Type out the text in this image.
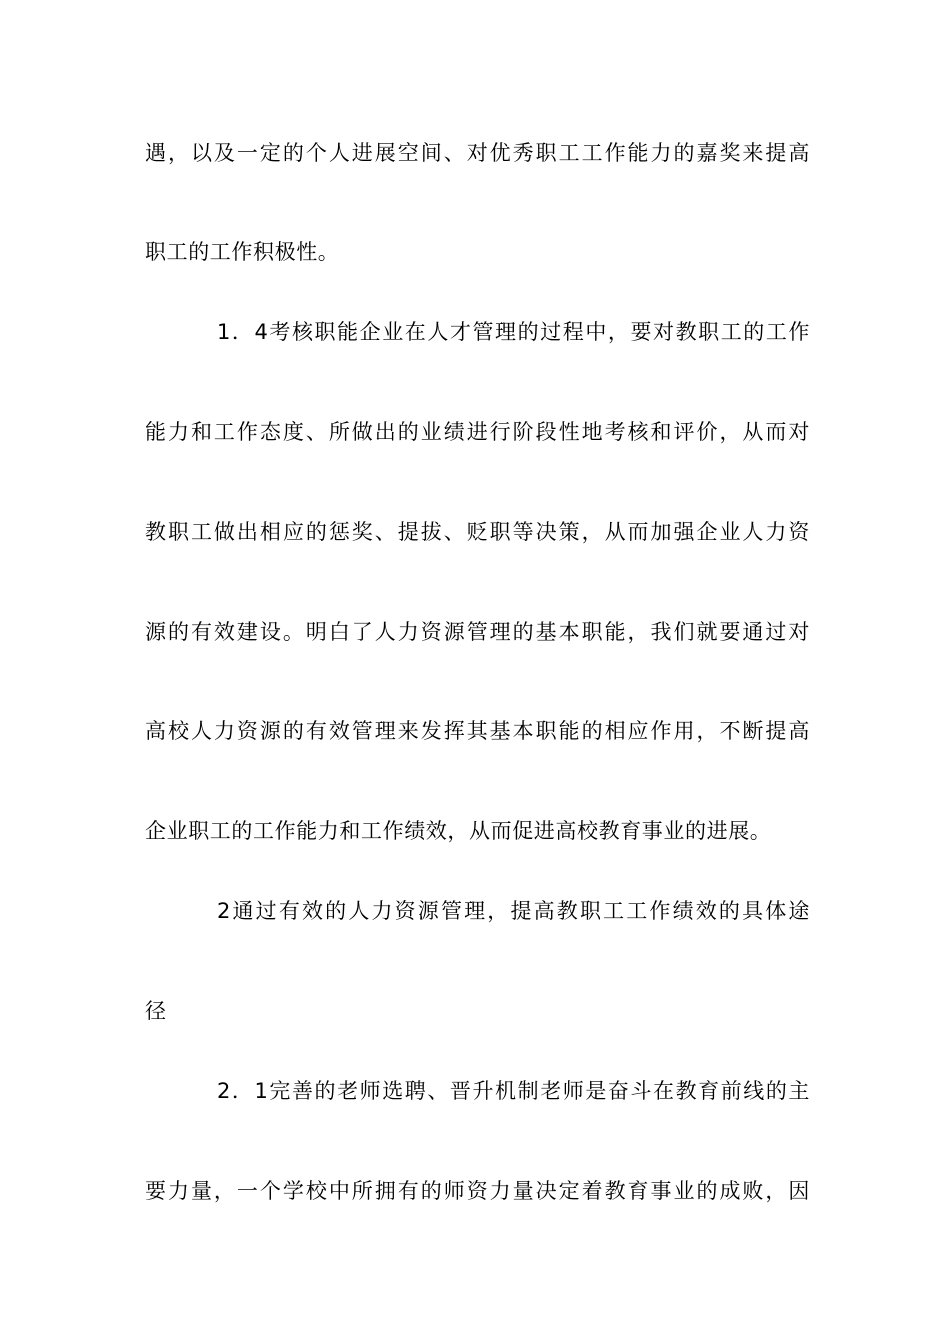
遇，以及一定的个人进展空间、对优秀职工工作能力的嘉奖来提高
职工的工作积极性。
1．4考核职能企业在人才管理的过程中，要对教职工的工作
能力和工作态度、所做出的业绩进行阶段性地考核和评价，从而对
教职工做出相应的惩奖、提拔、贬职等决策，从而加强企业人力资
源的有效建设。明白了人力资源管理的基本职能，我们就要通过对
高校人力资源的有效管理来发挥其基本职能的相应作用，不断提高
企业职工的工作能力和工作绩效，从而促进高校教育事业的进展。
2通过有效的人力资源管理，提高教职工工作绩效的具体途
径
2．1完善的老师选聘、晋升机制老师是奋斗在教育前线的主
要力量，一个学校中所拥有的师资力量决定着教育事业的成败，因
